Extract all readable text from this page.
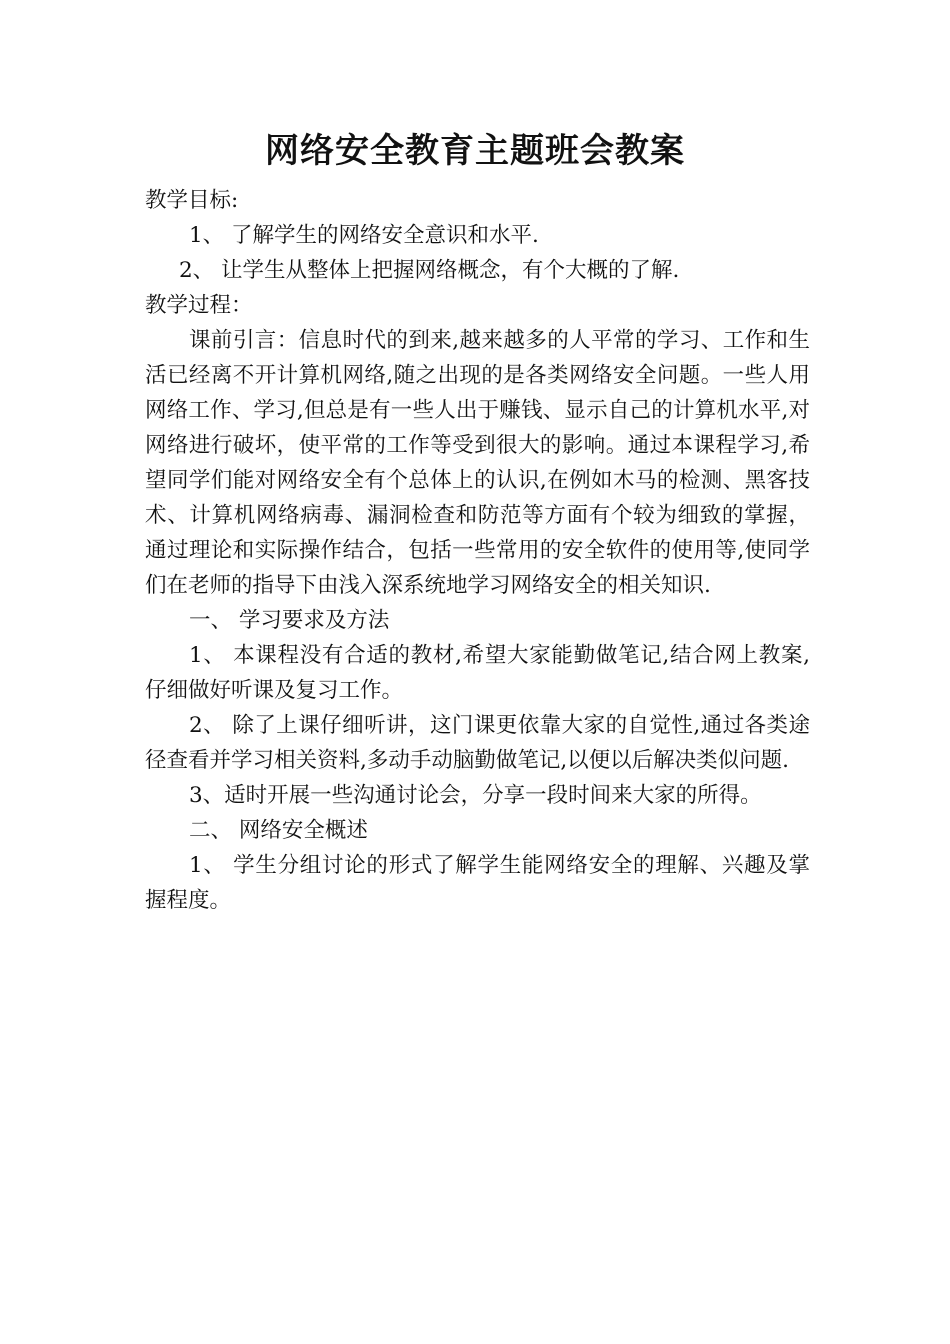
网络安全教育主题班会教案

教学目标:

1、 了解学生的网络安全意识和水平.

2、 让学生从整体上把握网络概念，有个大概的了解.

教学过程：

课前引言：信息时代的到来,越来越多的人平常的学习、工作和生活已经离不开计算机网络,随之出现的是各类网络安全问题。一些人用网络工作、学习,但总是有一些人出于赚钱、显示自己的计算机水平,对网络进行破坏，使平常的工作等受到很大的影响。通过本课程学习,希望同学们能对网络安全有个总体上的认识,在例如木马的检测、黑客技术、计算机网络病毒、漏洞检查和防范等方面有个较为细致的掌握，通过理论和实际操作结合，包括一些常用的安全软件的使用等,使同学们在老师的指导下由浅入深系统地学习网络安全的相关知识.

一、 学习要求及方法

1、 本课程没有合适的教材,希望大家能勤做笔记,结合网上教案,仔细做好听课及复习工作。

2、 除了上课仔细听讲，这门课更依靠大家的自觉性,通过各类途径查看并学习相关资料,多动手动脑勤做笔记,以便以后解决类似问题.

3、适时开展一些沟通讨论会，分享一段时间来大家的所得。

二、 网络安全概述

1、 学生分组讨论的形式了解学生能网络安全的理解、兴趣及掌握程度。
